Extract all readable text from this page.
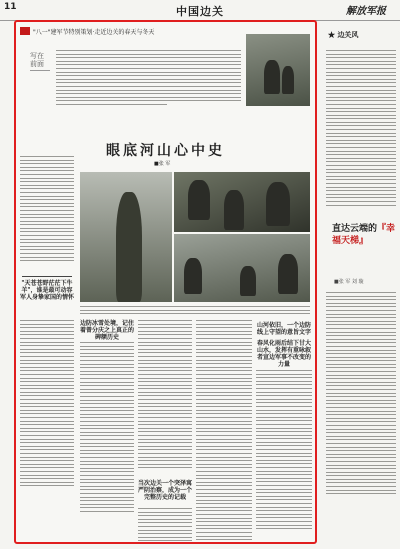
11	中国边关	解放军报
"八一"建军节特别策划·走近边关的春天与冬天
写在前面
眼底河山心中史
■张 军
"天苍苍野茫茫下牛羊"，谁是最可动容军人身挚家国的情怀
边防冰雪处境，记住着曾分庆之上真正的碑额历史
当次边关一个突泽寓严阴治察，成为一个完整历史的记载
山河依旧，一个边防线上守望的意旨文字
春风化雨后结下甘大山水，发挥有重咏叙者宣边军事不改变的力量
★ 边关风
直达云端的『幸福天梯』
■张 军 刘 璇
